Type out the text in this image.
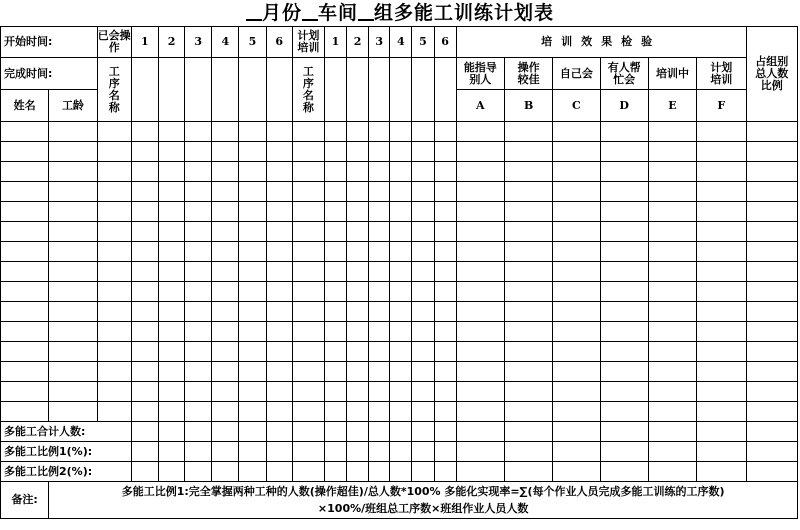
月份 车间 组多能工训练计划表
开始时间:		已会操作	1	2	3	4	5	6	计划培训	1	2	3	4	5	6	培训效果检验						占组别总人数比例
完成时间:		工序名称							工序名称							能指导别人	操作较佳	自己会	有人帮忙会	培训中	计划培训	
姓名	工龄															A	B	C	D	E	F	

多能工合计人数:																						
多能工比例1(%):																						
多能工比例2(%):																						
备注:	多能工比例1:完全掌握两种工种的人数(操作超佳)/总人数*100% 多能化实现率=∑(每个作业人员完成多能工训练的工序数)
×100%/班组总工序数×班组作业人员人数																					
